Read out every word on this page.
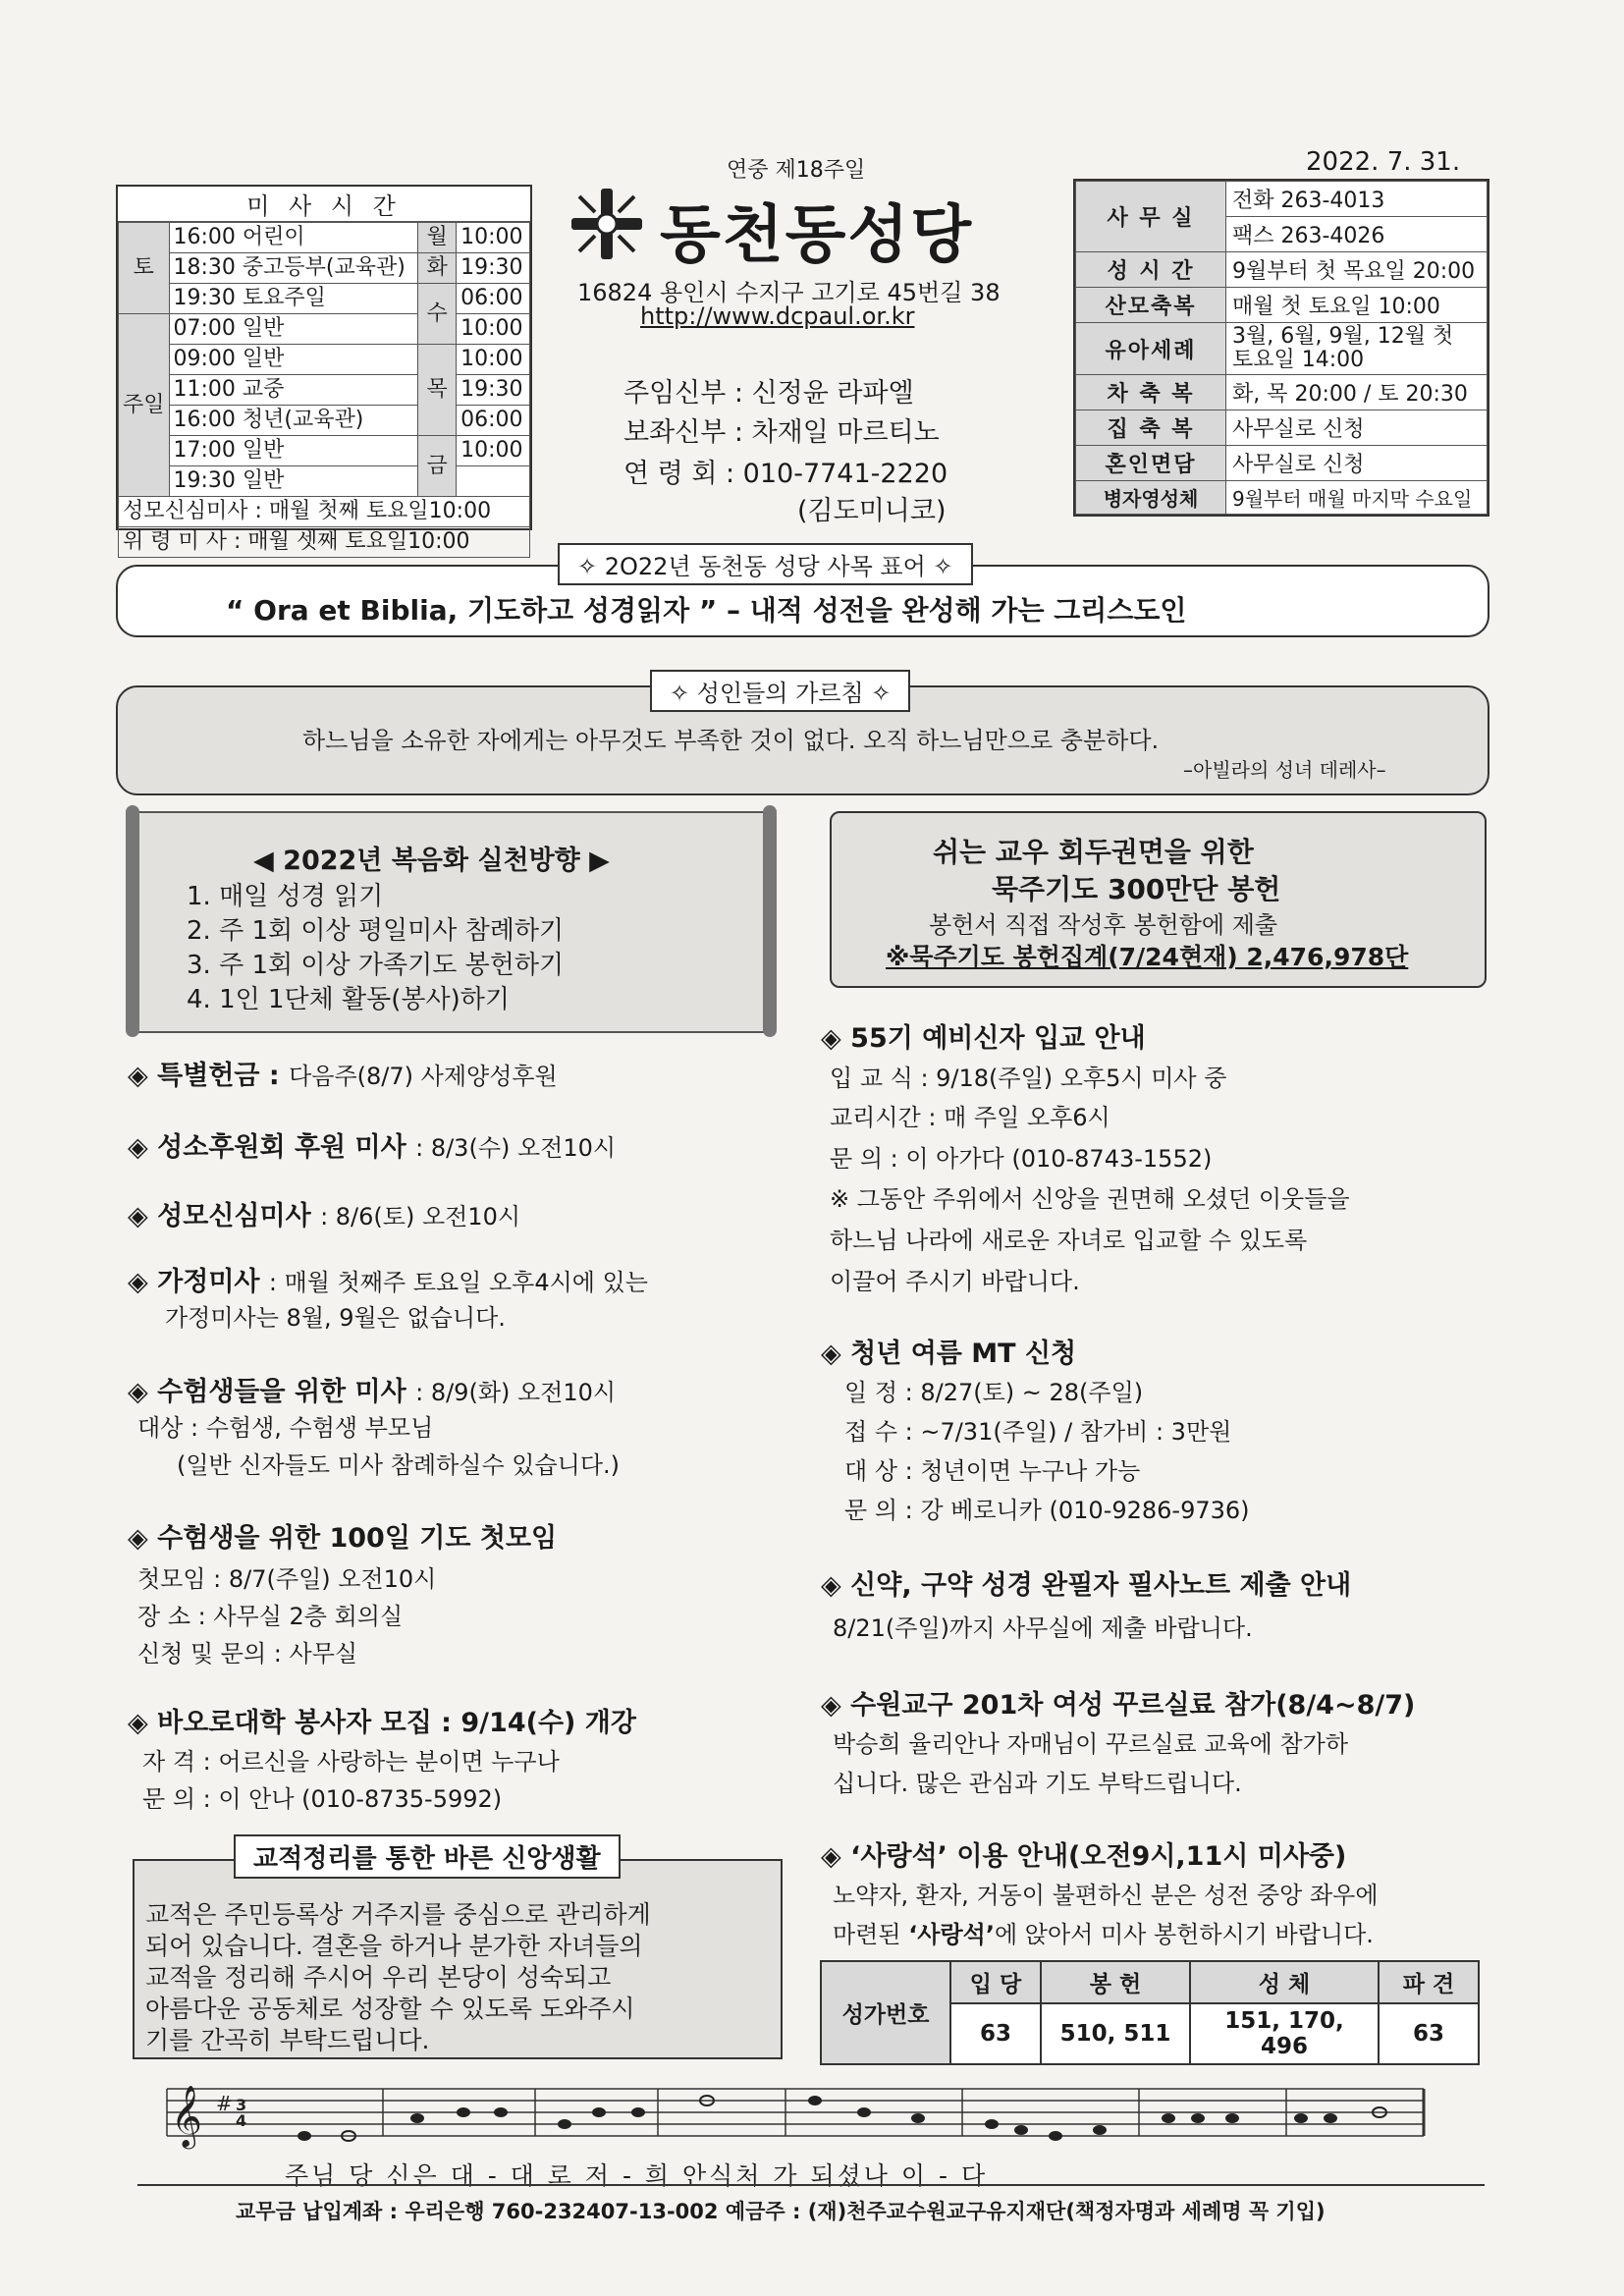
연중 제18주일	2022. 7. 31.
미 사 시 간
토	16:00 어린이	월	10:00
	18:30 중고등부(교육관)	화	19:30
	19:30 토요주일	수	06:00
주일	07:00 일반		10:00
	09:00 일반	목	10:00
	11:00 교중		19:30
	16:00 청년(교육관)		06:00
	17:00 일반	금	10:00
	19:30 일반		
성모신심미사 : 매월 첫째 토요일10:00			
위 령 미 사 : 매월 셋째 토요일10:00			
동천동성당
16824 용인시 수지구 고기로 45번길 38
http://www.dcpaul.or.kr
주임신부 : 신정윤 라파엘
보좌신부 : 차재일 마르티노
연 령 회 : 010-7741-2220
(김도미니코)
사 무 실	전화 263-4013
	팩스 263-4026
성 시 간	9월부터 첫 목요일 20:00
산모축복	매월 첫 토요일 10:00
유아세례	3월, 6월, 9월, 12월 첫 토요일 14:00
차 축 복	화, 목 20:00 / 토 20:30
집 축 복	사무실로 신청
혼인면담	사무실로 신청
병자영성체	9월부터 매월 마지막 수요일
✧ 2O22년 동천동 성당 사목 표어 ✧
“ Ora et Biblia, 기도하고 성경읽자 ” – 내적 성전을 완성해 가는 그리스도인
✧ 성인들의 가르침 ✧
하느님을 소유한 자에게는 아무것도 부족한 것이 없다. 오직 하느님만으로 충분하다.
–아빌라의 성녀 데레사–
◀ 2022년 복음화 실천방향 ▶
1. 매일 성경 읽기
2. 주 1회 이상 평일미사 참례하기
3. 주 1회 이상 가족기도 봉헌하기
4. 1인 1단체 활동(봉사)하기
쉬는 교우 회두권면을 위한
묵주기도 300만단 봉헌
봉헌서 직접 작성후 봉헌함에 제출
※묵주기도 봉헌집계(7/24현재) 2,476,978단
◈ 특별헌금 : 다음주(8/7) 사제양성후원
◈ 성소후원회 후원 미사 : 8/3(수) 오전10시
◈ 성모신심미사 : 8/6(토) 오전10시
◈ 가정미사 : 매월 첫째주 토요일 오후4시에 있는
가정미사는 8월, 9월은 없습니다.
◈ 수험생들을 위한 미사 : 8/9(화) 오전10시
대상 : 수험생, 수험생 부모님
(일반 신자들도 미사 참례하실수 있습니다.)
◈ 수험생을 위한 100일 기도 첫모임
첫모임 : 8/7(주일) 오전10시
장 소 : 사무실 2층 회의실
신청 및 문의 : 사무실
◈ 바오로대학 봉사자 모집 : 9/14(수) 개강
자 격 : 어르신을 사랑하는 분이면 누구나
문 의 : 이 안나 (010-8735-5992)
교적정리를 통한 바른 신앙생활
교적은 주민등록상 거주지를 중심으로 관리하게
되어 있습니다. 결혼을 하거나 분가한 자녀들의
교적을 정리해 주시어 우리 본당이 성숙되고
아름다운 공동체로 성장할 수 있도록 도와주시
기를 간곡히 부탁드립니다.
◈ 55기 예비신자 입교 안내
입 교 식 : 9/18(주일) 오후5시 미사 중
교리시간 : 매 주일 오후6시
문 의 : 이 아가다 (010-8743-1552)
※ 그동안 주위에서 신앙을 권면해 오셨던 이웃들을
하느님 나라에 새로운 자녀로 입교할 수 있도록
이끌어 주시기 바랍니다.
◈ 청년 여름 MT 신청
일 정 : 8/27(토) ~ 28(주일)
접 수 : ~7/31(주일) / 참가비 : 3만원
대 상 : 청년이면 누구나 가능
문 의 : 강 베로니카 (010-9286-9736)
◈ 신약, 구약 성경 완필자 필사노트 제출 안내
8/21(주일)까지 사무실에 제출 바랍니다.
◈ 수원교구 201차 여성 꾸르실료 참가(8/4~8/7)
박승희 율리안나 자매님이 꾸르실료 교육에 참가하
십니다. 많은 관심과 기도 부탁드립니다.
◈ ‘사랑석’ 이용 안내(오전9시,11시 미사중)
노약자, 환자, 거동이 불편하신 분은 성전 중앙 좌우에
마련된 ‘사랑석’에 앉아서 미사 봉헌하시기 바랍니다.
성가번호	입 당	봉 헌	성 체	파 견
	63	510, 511	151, 170, 496	63
𝄞 # 3
4
주님 당 신은 대 - 대 로 저 - 희 안식처 가 되셨나 이 - 다
교무금 납입계좌 : 우리은행 760-232407-13-002 예금주 : (재)천주교수원교구유지재단(책정자명과 세례명 꼭 기입)
